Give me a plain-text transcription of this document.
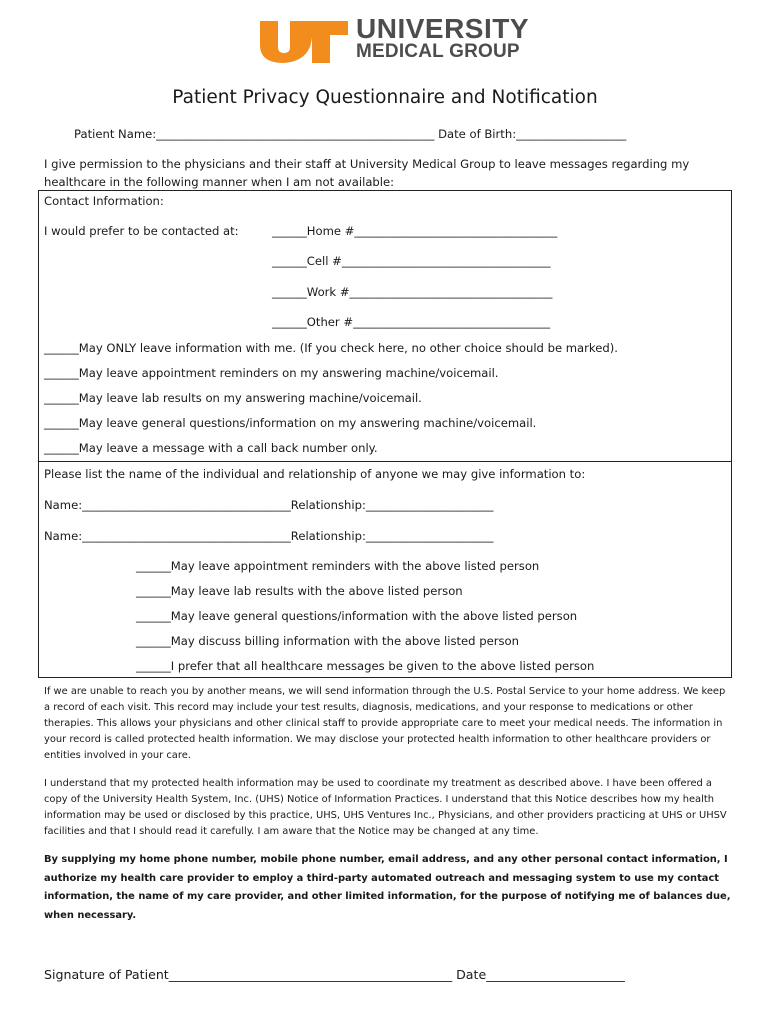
UNIVERSITY
MEDICAL GROUP
Patient Privacy Questionnaire and Notification
Patient Name:________________________________________________ Date of Birth:___________________
I give permission to the physicians and their staff at University Medical Group to leave messages regarding my
healthcare in the following manner when I am not available:
Contact Information:
I would prefer to be contacted at:	______Home #___________________________________
______Cell #____________________________________
______Work #___________________________________
______Other #__________________________________
______May ONLY leave information with me. (If you check here, no other choice should be marked).
______May leave appointment reminders on my answering machine/voicemail.
______May leave lab results on my answering machine/voicemail.
______May leave general questions/information on my answering machine/voicemail.
______May leave a message with a call back number only.
Please list the name of the individual and relationship of anyone we may give information to:
Name:____________________________________Relationship:______________________
Name:____________________________________Relationship:______________________
______May leave appointment reminders with the above listed person
______May leave lab results with the above listed person
______May leave general questions/information with the above listed person
______May discuss billing information with the above listed person
______I prefer that all healthcare messages be given to the above listed person
If we are unable to reach you by another means, we will send information through the U.S. Postal Service to your home address. We keep a record of each visit. This record may include your test results, diagnosis, medications, and your response to medications or other therapies. This allows your physicians and other clinical staff to provide appropriate care to meet your medical needs. The information in your record is called protected health information. We may disclose your protected health information to other healthcare providers or entities involved in your care.
I understand that my protected health information may be used to coordinate my treatment as described above. I have been offered a copy of the University Health System, Inc. (UHS) Notice of Information Practices. I understand that this Notice describes how my health information may be used or disclosed by this practice, UHS, UHS Ventures Inc., Physicians, and other providers practicing at UHS or UHSV facilities and that I should read it carefully. I am aware that the Notice may be changed at any time.
By supplying my home phone number, mobile phone number, email address, and any other personal contact information, I authorize my health care provider to employ a third-party automated outreach and messaging system to use my contact information, the name of my care provider, and other limited information, for the purpose of notifying me of balances due, when necessary.
Signature of Patient_____________________________________________ Date______________________
